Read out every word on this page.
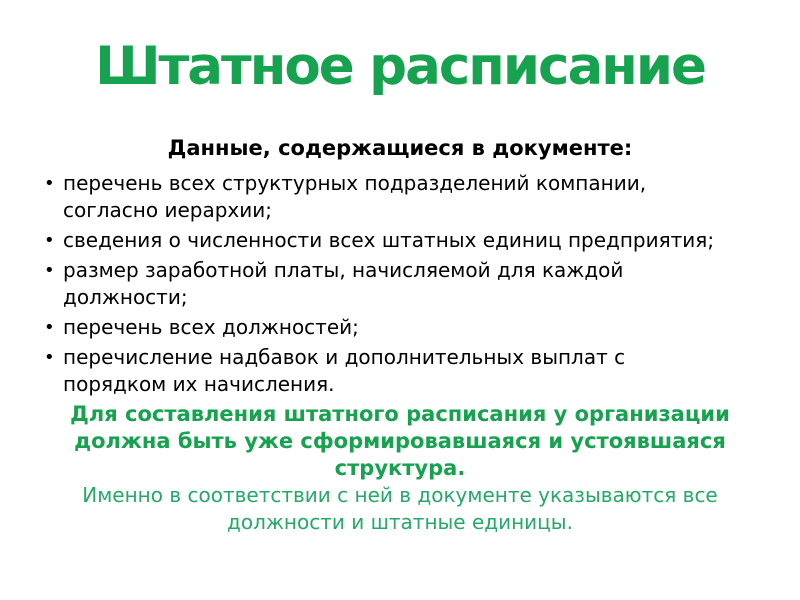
Штатное расписание
Данные, содержащиеся в документе:
• перечень всех структурных подразделений компании,
согласно иерархии;
• сведения о численности всех штатных единиц предприятия;
• размер заработной платы, начисляемой для каждой
должности;
• перечень всех должностей;
• перечисление надбавок и дополнительных выплат с
порядком их начисления.
Для составления штатного расписания у организации
должна быть уже сформировавшаяся и устоявшаяся
структура.
Именно в соответствии с ней в документе указываются все
должности и штатные единицы.
